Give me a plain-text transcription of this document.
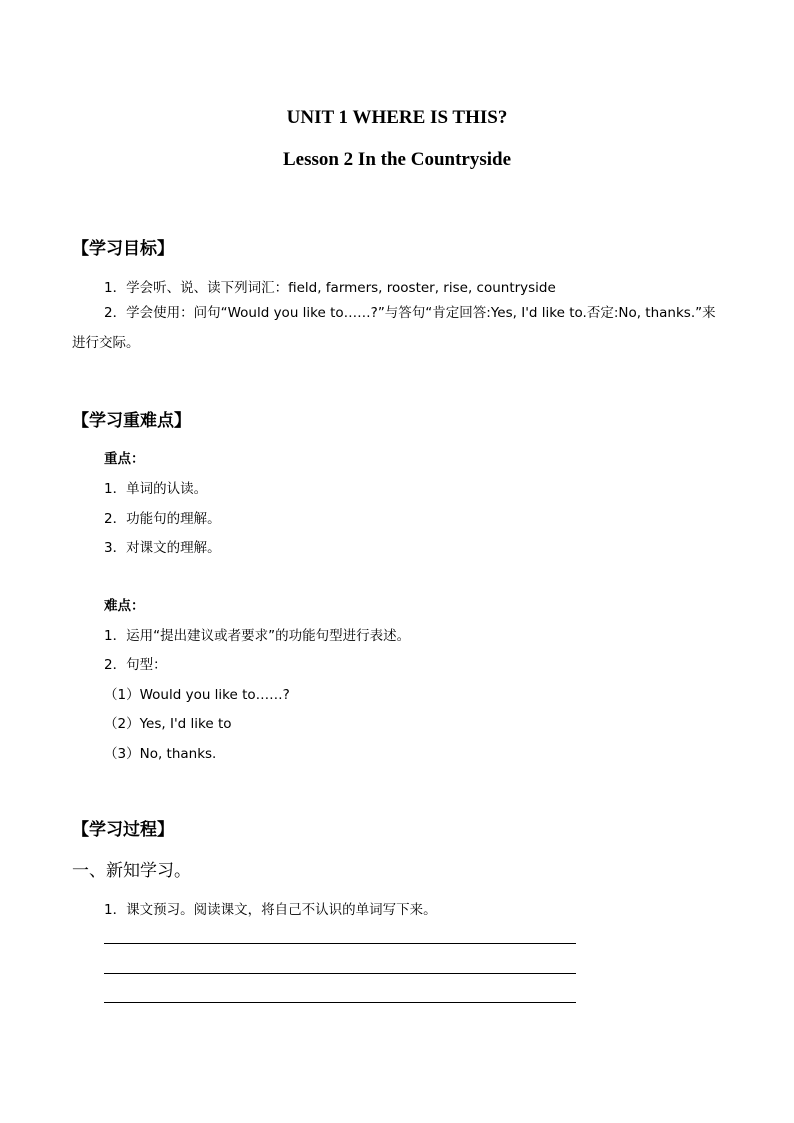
UNIT 1 WHERE IS THIS?
Lesson 2 In the Countryside
【学习目标】
1．学会听、说、读下列词汇：field, farmers, rooster, rise, countryside
2．学会使用：问句“Would you like to……?”与答句“肯定回答:Yes, I'd like to.否定:No, thanks.”来进行交际。
【学习重难点】
重点：
1．单词的认读。
2．功能句的理解。
3．对课文的理解。
难点：
1．运用“提出建议或者要求”的功能句型进行表述。
2．句型：
（1）Would you like to……?
（2）Yes, I'd like to
（3）No, thanks.
【学习过程】
一、新知学习。
1．课文预习。阅读课文，将自己不认识的单词写下来。
